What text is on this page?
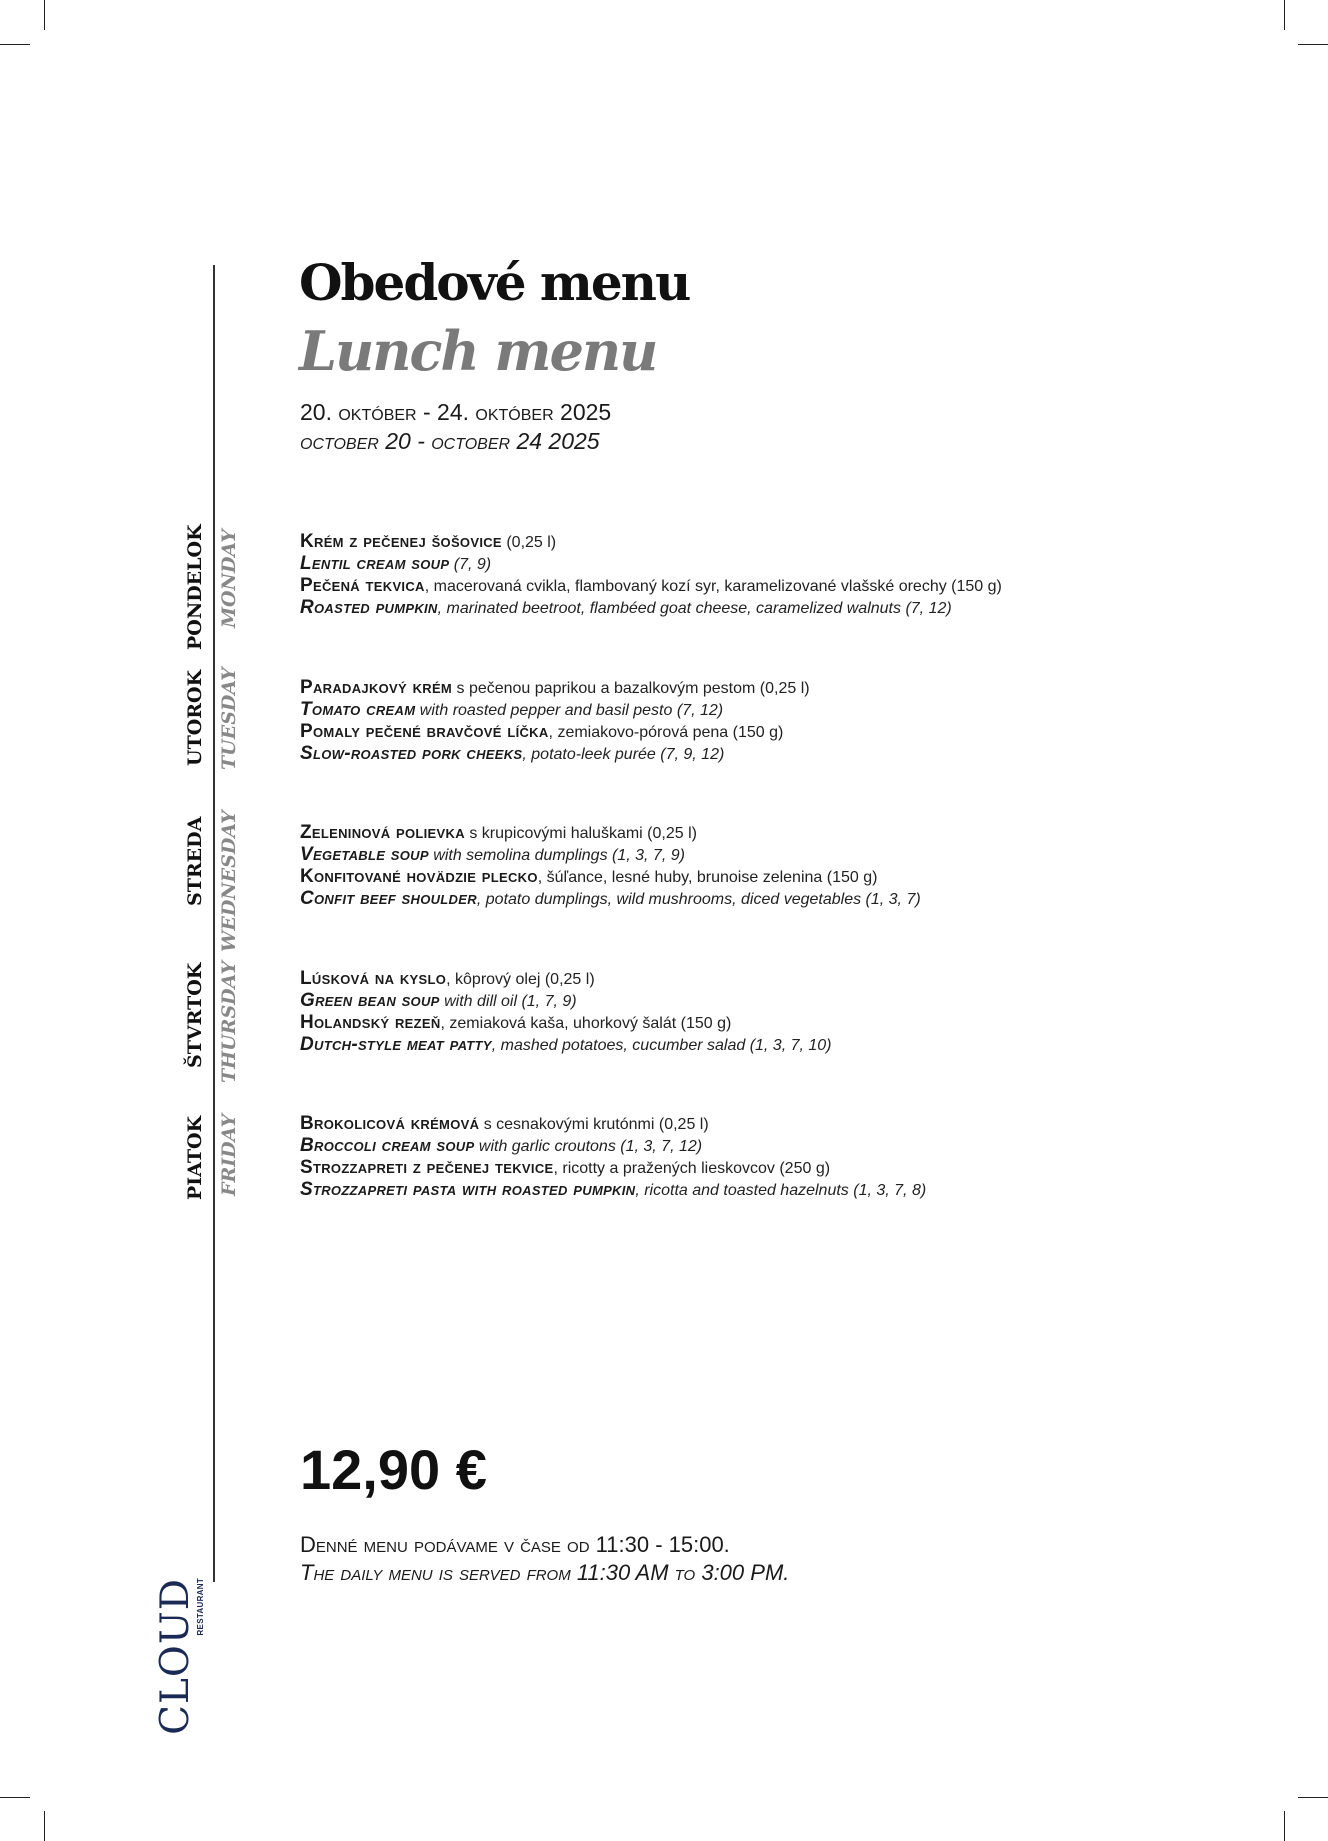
Obedové menu
Lunch menu
20. október - 24. október 2025
october 20 - october 24 2025
PONDELOK MONDAY
UTOROK TUESDAY
STREDA WEDNESDAY
ŠTVRTOK THURSDAY
PIATOK FRIDAY
Krém z pečenej šošovice (0,25 l)
Lentil cream soup (7, 9)
Pečená tekvica, macerovaná cvikla, flambovaný kozí syr, karamelizované vlašské orechy (150 g)
Roasted pumpkin, marinated beetroot, flambéed goat cheese, caramelized walnuts (7, 12)
Paradajkový krém s pečenou paprikou a bazalkovým pestom (0,25 l)
Tomato cream with roasted pepper and basil pesto (7, 12)
Pomaly pečené bravčové líčka, zemiakovo-pórová pena (150 g)
Slow-roasted pork cheeks, potato-leek purée (7, 9, 12)
Zeleninová polievka s krupicovými haluškami (0,25 l)
Vegetable soup with semolina dumplings (1, 3, 7, 9)
Konfitované hovädzie plecko, šúľance, lesné huby, brunoise zelenina (150 g)
Confit beef shoulder, potato dumplings, wild mushrooms, diced vegetables (1, 3, 7)
Lúsková na kyslo, kôprový olej (0,25 l)
Green bean soup with dill oil (1, 7, 9)
Holandský rezeň, zemiaková kaša, uhorkový šalát (150 g)
Dutch-style meat patty, mashed potatoes, cucumber salad (1, 3, 7, 10)
Brokolicová krémová s cesnakovými krutónmi (0,25 l)
Broccoli cream soup with garlic croutons (1, 3, 7, 12)
Strozzapreti z pečenej tekvice, ricotty a pražených lieskovcov (250 g)
Strozzapreti pasta with roasted pumpkin, ricotta and toasted hazelnuts (1, 3, 7, 8)
12,90 €
Denné menu podávame v čase od 11:30 - 15:00.
The daily menu is served from 11:30 AM to 3:00 PM.
CLOUD
RESTAURANT
